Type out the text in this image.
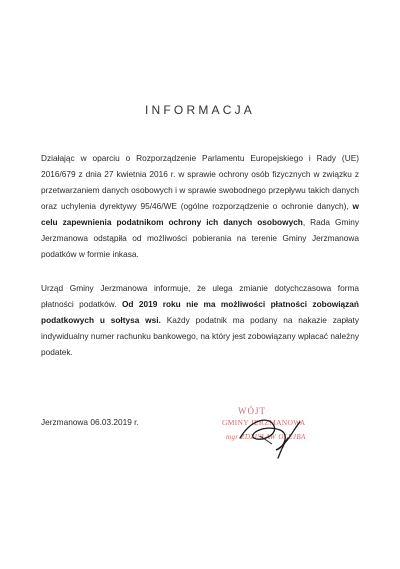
INFORMACJA
Działając w oparciu o Rozporządzenie Parlamentu Europejskiego i Rady (UE) 2016/679 z dnia 27 kwietnia 2016 r. w sprawie ochrony osób fizycznych w związku z przetwarzaniem danych osobowych i w sprawie swobodnego przepływu takich danych oraz uchylenia dyrektywy 95/46/WE (ogólne rozporządzenie o ochronie danych), w celu zapewnienia podatnikom ochrony ich danych osobowych, Rada Gminy Jerzmanowa odstąpiła od możliwości pobierania na terenie Gminy Jerzmanowa podatków w formie inkasa.
Urząd Gminy Jerzmanowa informuje, że ulega zmianie dotychczasowa forma płatności podatków. Od 2019 roku nie ma możliwości płatności zobowiązań podatkowych u sołtysa wsi. Każdy podatnik ma podany na nakazie zapłaty indywidualny numer rachunku bankowego, na który jest zobowiązany wpłacać należny podatek.
Jerzmanowa 06.03.2019 r.
WÓJT
GMINY JERZMANOWA
mgr ZDZISŁAW OLEJBA
